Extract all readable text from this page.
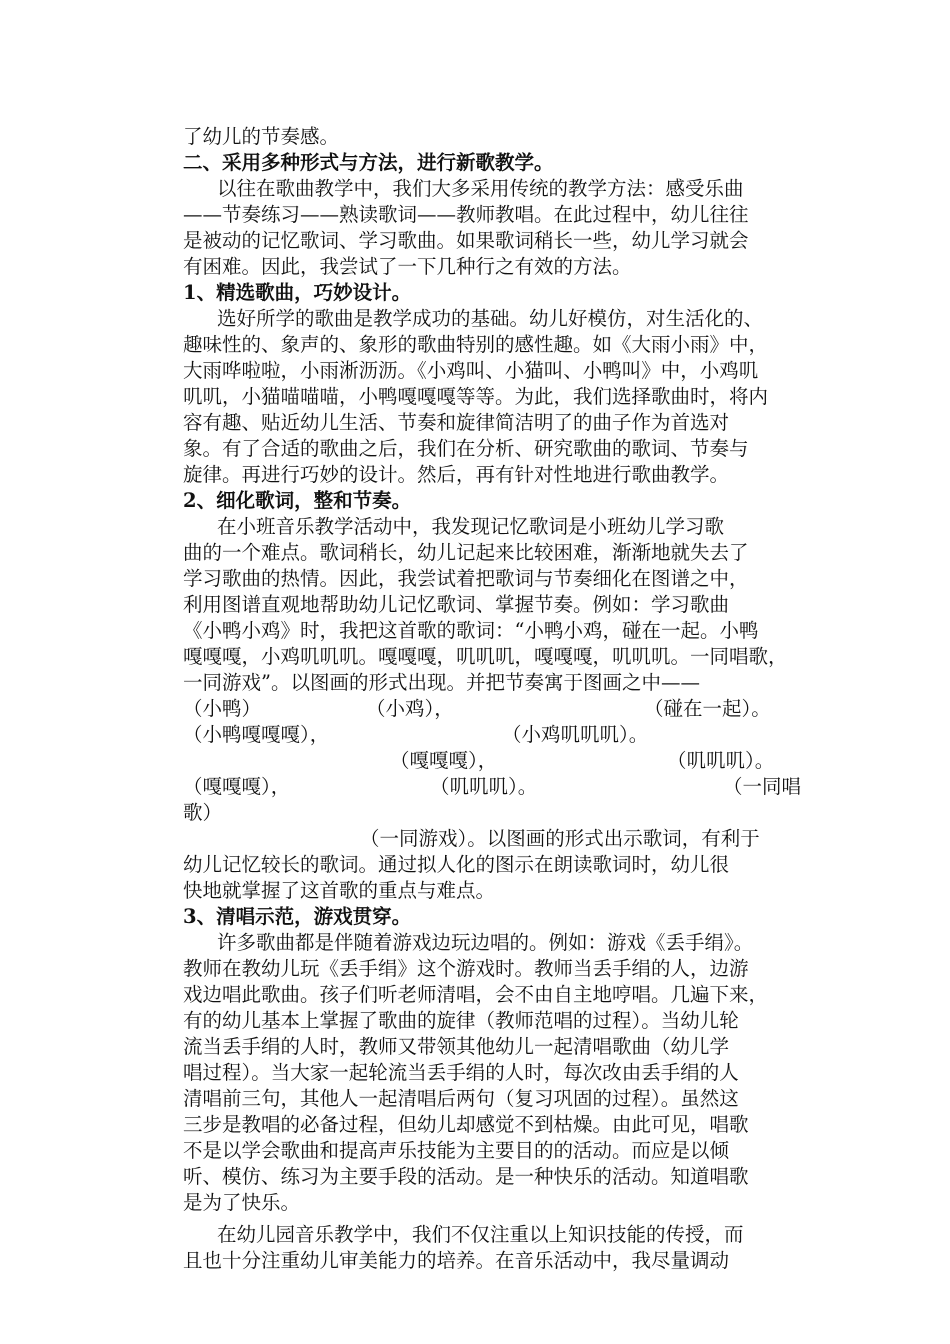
了幼儿的节奏感。
二、采用多种形式与方法，进行新歌教学。
以往在歌曲教学中，我们大多采用传统的教学方法：感受乐曲
——节奏练习——熟读歌词——教师教唱。在此过程中，幼儿往往
是被动的记忆歌词、学习歌曲。如果歌词稍长一些，幼儿学习就会
有困难。因此，我尝试了一下几种行之有效的方法。
1、精选歌曲，巧妙设计。
选好所学的歌曲是教学成功的基础。幼儿好模仿，对生活化的、
趣味性的、象声的、象形的歌曲特别的感性趣。如《大雨小雨》中，
大雨哗啦啦，小雨淅沥沥。《小鸡叫、小猫叫、小鸭叫》中，小鸡叽
叽叽，小猫喵喵喵，小鸭嘎嘎嘎等等。为此，我们选择歌曲时，将内
容有趣、贴近幼儿生活、节奏和旋律简洁明了的曲子作为首选对
象。有了合适的歌曲之后，我们在分析、研究歌曲的歌词、节奏与
旋律。再进行巧妙的设计。然后，再有针对性地进行歌曲教学。
2、细化歌词，整和节奏。
在小班音乐教学活动中，我发现记忆歌词是小班幼儿学习歌
曲的一个难点。歌词稍长，幼儿记起来比较困难，渐渐地就失去了
学习歌曲的热情。因此，我尝试着把歌词与节奏细化在图谱之中，
利用图谱直观地帮助幼儿记忆歌词、掌握节奏。例如：学习歌曲
《小鸭小鸡》时，我把这首歌的歌词：“小鸭小鸡，碰在一起。小鸭
嘎嘎嘎，小鸡叽叽叽。嘎嘎嘎，叽叽叽，嘎嘎嘎，叽叽叽。一同唱歌，
一同游戏”。以图画的形式出现。并把节奏寓于图画之中——
（小鸭）	（小鸡），	（碰在一起）。
（小鸭嘎嘎嘎），	（小鸡叽叽叽）。
（嘎嘎嘎），	（叽叽叽）。
（嘎嘎嘎），	（叽叽叽）。	（一同唱
歌）
（一同游戏）。以图画的形式出示歌词，有利于
幼儿记忆较长的歌词。通过拟人化的图示在朗读歌词时，幼儿很
快地就掌握了这首歌的重点与难点。
3、清唱示范，游戏贯穿。
许多歌曲都是伴随着游戏边玩边唱的。例如：游戏《丢手绢》。
教师在教幼儿玩《丢手绢》这个游戏时。教师当丢手绢的人，边游
戏边唱此歌曲。孩子们听老师清唱，会不由自主地哼唱。几遍下来，
有的幼儿基本上掌握了歌曲的旋律（教师范唱的过程）。当幼儿轮
流当丢手绢的人时，教师又带领其他幼儿一起清唱歌曲（幼儿学
唱过程）。当大家一起轮流当丢手绢的人时，每次改由丢手绢的人
清唱前三句，其他人一起清唱后两句（复习巩固的过程）。虽然这
三步是教唱的必备过程，但幼儿却感觉不到枯燥。由此可见，唱歌
不是以学会歌曲和提高声乐技能为主要目的的活动。而应是以倾
听、模仿、练习为主要手段的活动。是一种快乐的活动。知道唱歌
是为了快乐。
在幼儿园音乐教学中，我们不仅注重以上知识技能的传授，而
且也十分注重幼儿审美能力的培养。在音乐活动中，我尽量调动
